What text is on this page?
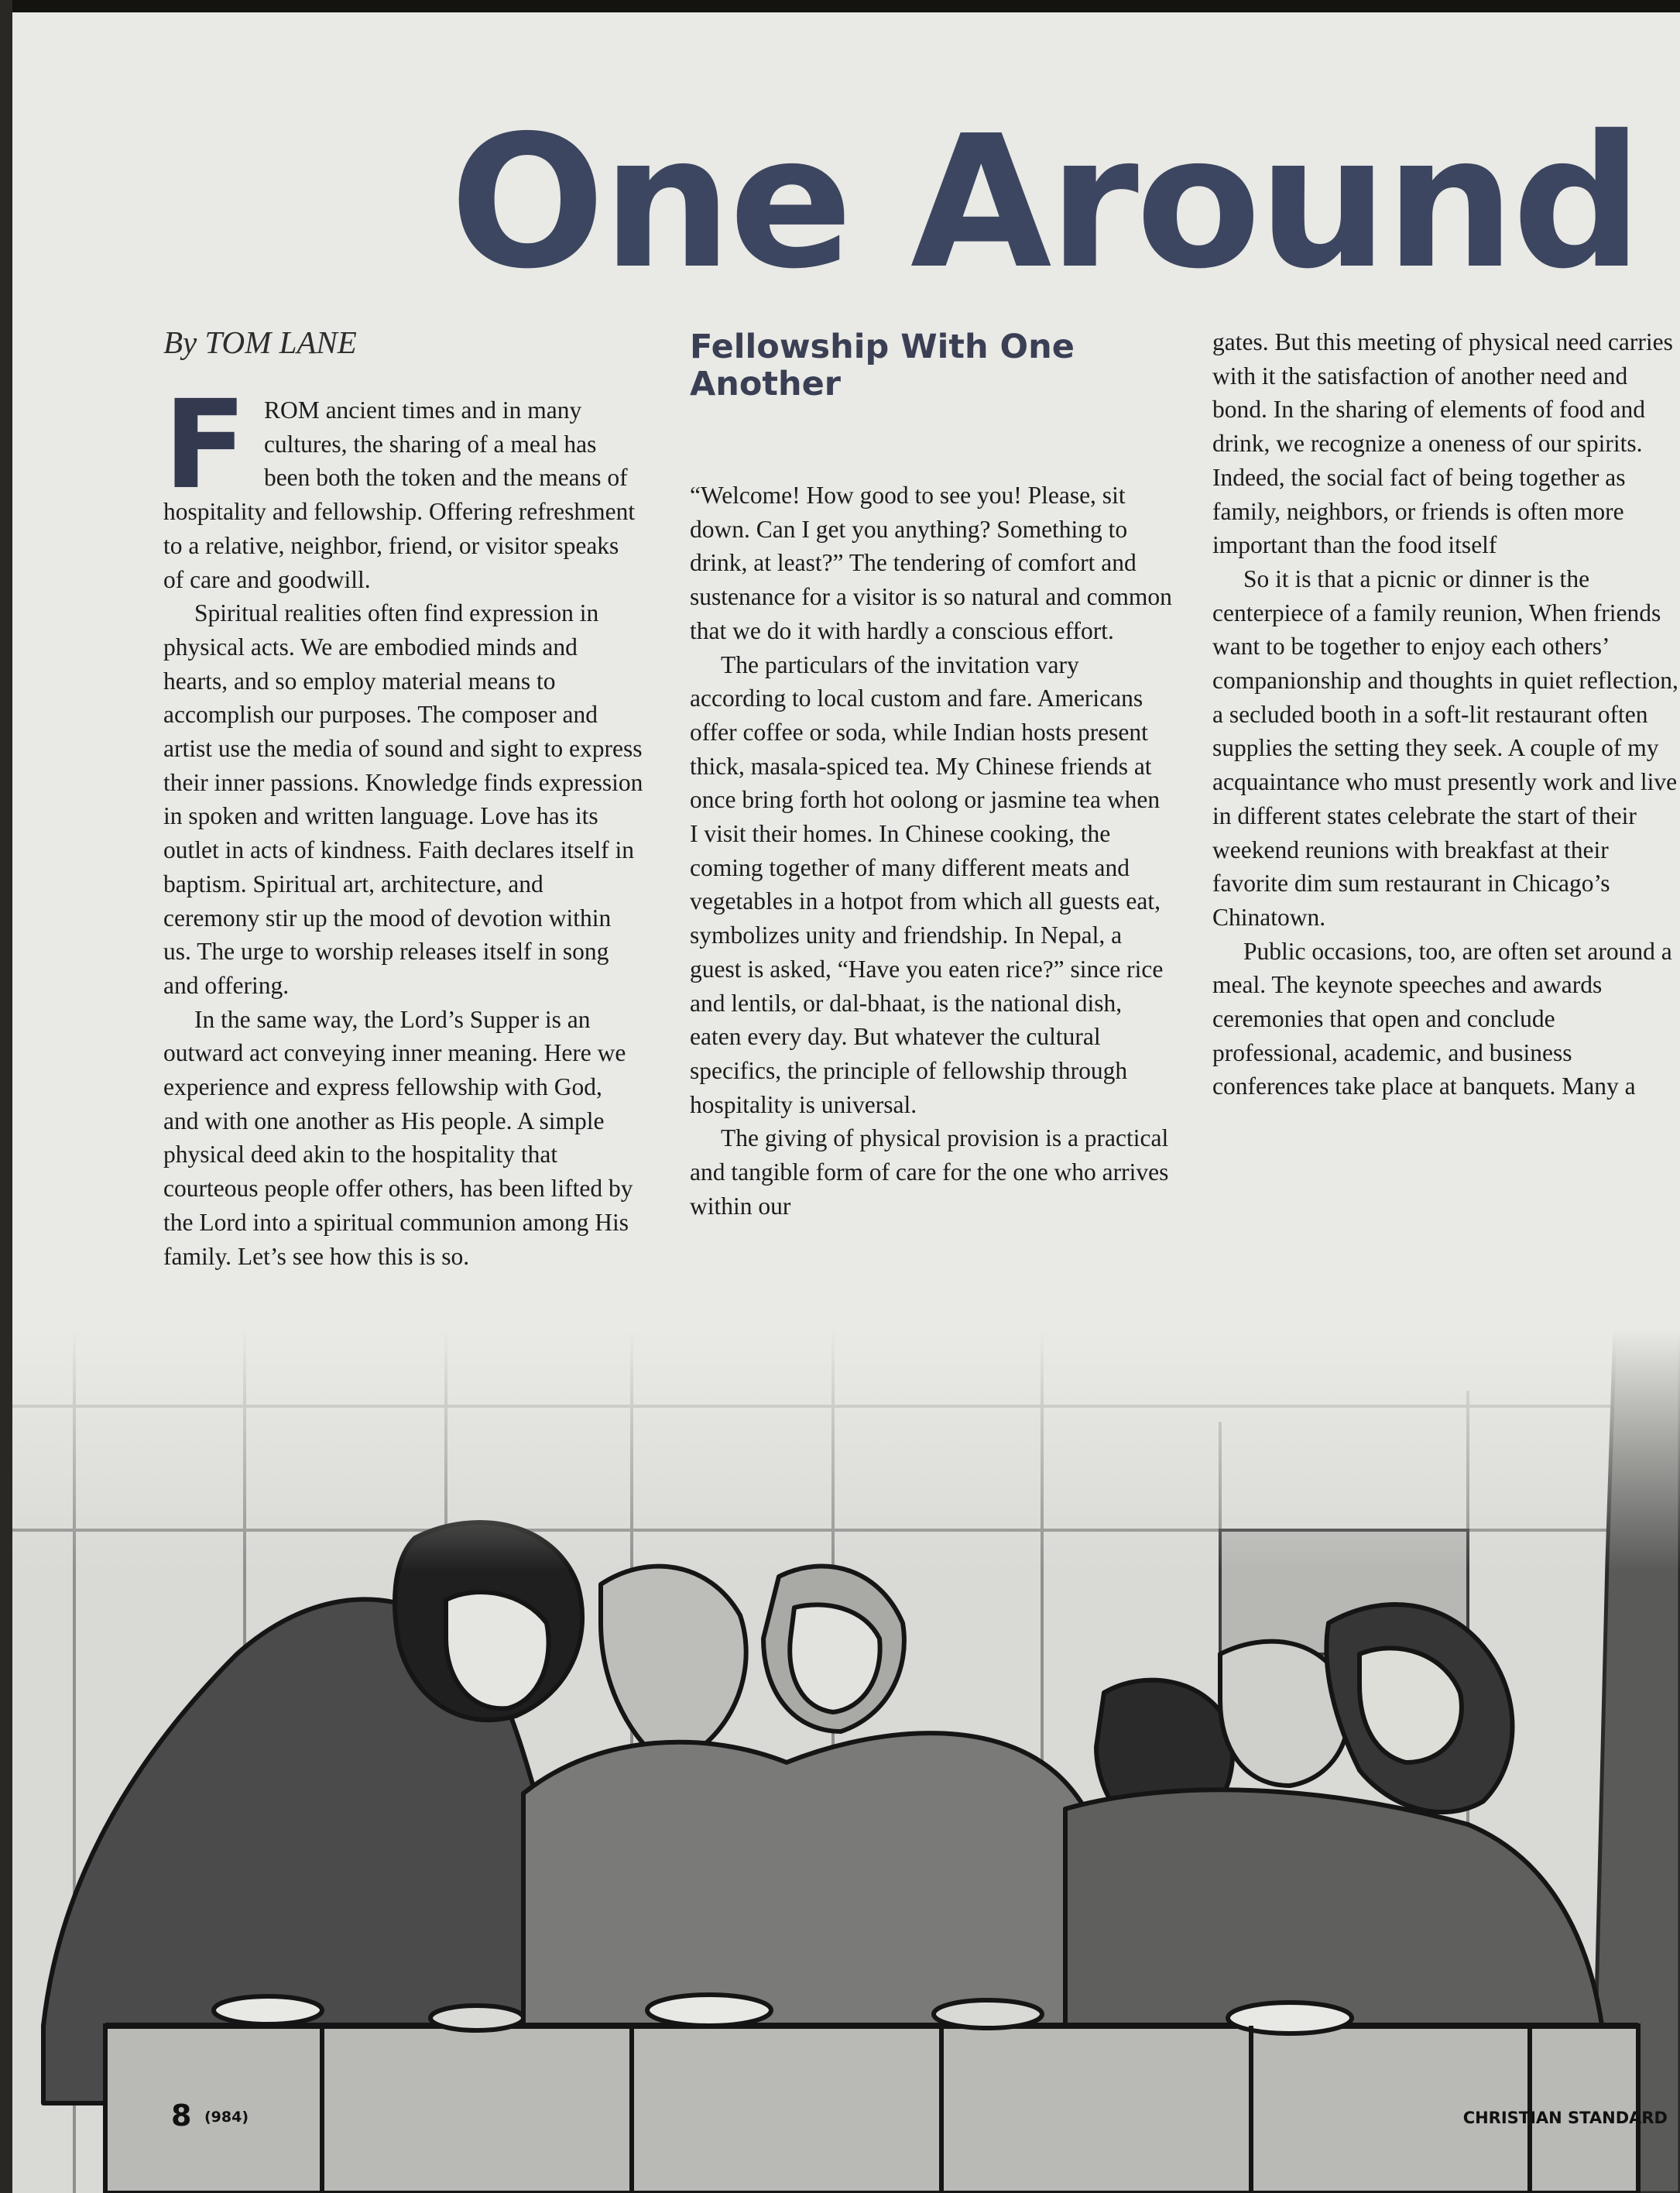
One Around
By TOM LANE

FROM ancient times and in many cultures, the sharing of a meal has been both the token and the means of hospitality and fellowship. Offering refreshment to a relative, neighbor, friend, or visitor speaks of care and goodwill.

Spiritual realities often find expression in physical acts. We are embodied minds and hearts, and so employ material means to accomplish our purposes. The composer and artist use the media of sound and sight to express their inner passions. Knowledge finds expression in spoken and written language. Love has its outlet in acts of kindness. Faith declares itself in baptism. Spiritual art, architecture, and ceremony stir up the mood of devotion within us. The urge to worship releases itself in song and offering.

In the same way, the Lord’s Supper is an outward act conveying inner meaning. Here we experience and express fellowship with God, and with one another as His people. A simple physical deed akin to the hospitality that courteous people offer others, has been lifted by the Lord into a spiritual communion among His family. Let’s see how this is so.

Fellowship With One Another

“Welcome! How good to see you! Please, sit down. Can I get you anything? Something to drink, at least?” The tendering of comfort and sustenance for a visitor is so natural and common that we do it with hardly a conscious effort.

The particulars of the invitation vary according to local custom and fare. Americans offer coffee or soda, while Indian hosts present thick, masala-spiced tea. My Chinese friends at once bring forth hot oolong or jasmine tea when I visit their homes. In Chinese cooking, the coming together of many different meats and vegetables in a hotpot from which all guests eat, symbolizes unity and friendship. In Nepal, a guest is asked, “Have you eaten rice?” since rice and lentils, or dal-bhaat, is the national dish, eaten every day. But whatever the cultural specifics, the principle of fellowship through hospitality is universal.

The giving of physical provision is a practical and tangible form of care for the one who arrives within our

gates. But this meeting of physical need carries with it the satisfaction of another need and bond. In the sharing of elements of food and drink, we recognize a oneness of our spirits. Indeed, the social fact of being together as family, neighbors, or friends is often more important than the food itself

So it is that a picnic or dinner is the centerpiece of a family reunion, When friends want to be together to enjoy each others’ companionship and thoughts in quiet reflection, a secluded booth in a soft-lit restaurant often supplies the setting they seek. A couple of my acquaintance who must presently work and live in different states celebrate the start of their weekend reunions with breakfast at their favorite dim sum restaurant in Chicago’s Chinatown.

Public occasions, too, are often set around a meal. The keynote speeches and awards ceremonies that open and conclude professional, academic, and business conferences take place at banquets. Many a

8 (984)	CHRISTIAN STANDARD
